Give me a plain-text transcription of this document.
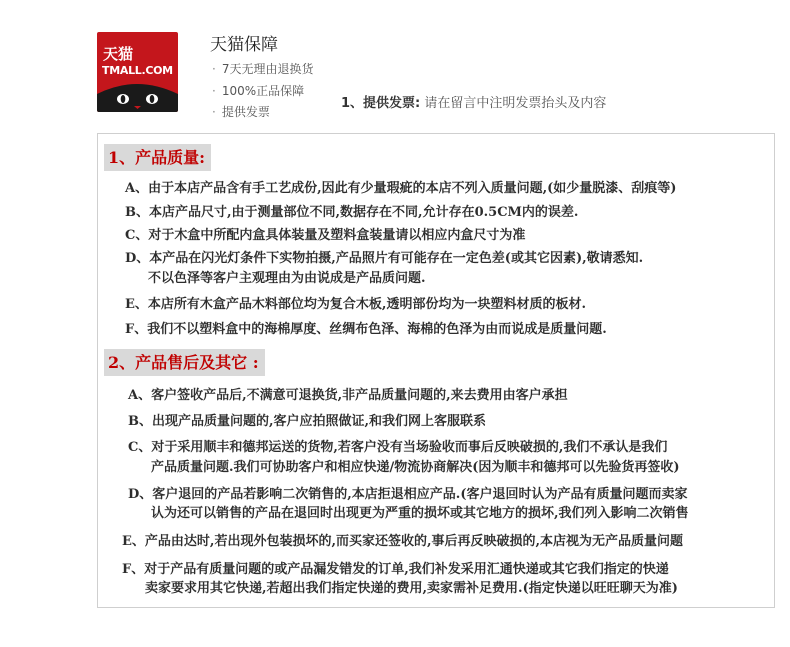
天猫
TMALL.COM
天猫保障
· 7天无理由退换货
· 100%正品保障
· 提供发票
1、提供发票: 请在留言中注明发票抬头及内容
1、产品质量:
A、由于本店产品含有手工艺成份,因此有少量瑕疵的本店不列入质量问题,(如少量脱漆、刮痕等)
B、本店产品尺寸,由于测量部位不同,数据存在不同,允计存在0.5CM内的误差.
C、对于木盒中所配内盒具体装量及塑料盒装量请以相应内盒尺寸为准
D、本产品在闪光灯条件下实物拍摄,产品照片有可能存在一定色差(或其它因素),敬请悉知.
不以色泽等客户主观理由为由说成是产品质问题.
E、本店所有木盒产品木料部位均为复合木板,透明部份均为一块塑料材质的板材.
F、我们不以塑料盒中的海棉厚度、丝绸布色泽、海棉的色泽为由而说成是质量问题.
2、产品售后及其它 :
A、客户签收产品后,不满意可退换货,非产品质量问题的,来去费用由客户承担
B、出现产品质量问题的,客户应拍照做证,和我们网上客服联系
C、对于采用顺丰和德邦运送的货物,若客户没有当场验收而事后反映破损的,我们不承认是我们
产品质量问题.我们可协助客户和相应快递/物流协商解决(因为顺丰和德邦可以先验货再签收)
D、客户退回的产品若影响二次销售的,本店拒退相应产品.(客户退回时认为产品有质量问题而卖家
认为还可以销售的产品在退回时出现更为严重的损坏或其它地方的损坏,我们列入影响二次销售
E、产品由达时,若出现外包装损坏的,而买家还签收的,事后再反映破损的,本店视为无产品质量问题
F、对于产品有质量问题的或产品漏发错发的订单,我们补发采用汇通快递或其它我们指定的快递
卖家要求用其它快递,若超出我们指定快递的费用,卖家需补足费用.(指定快递以旺旺聊天为准)
